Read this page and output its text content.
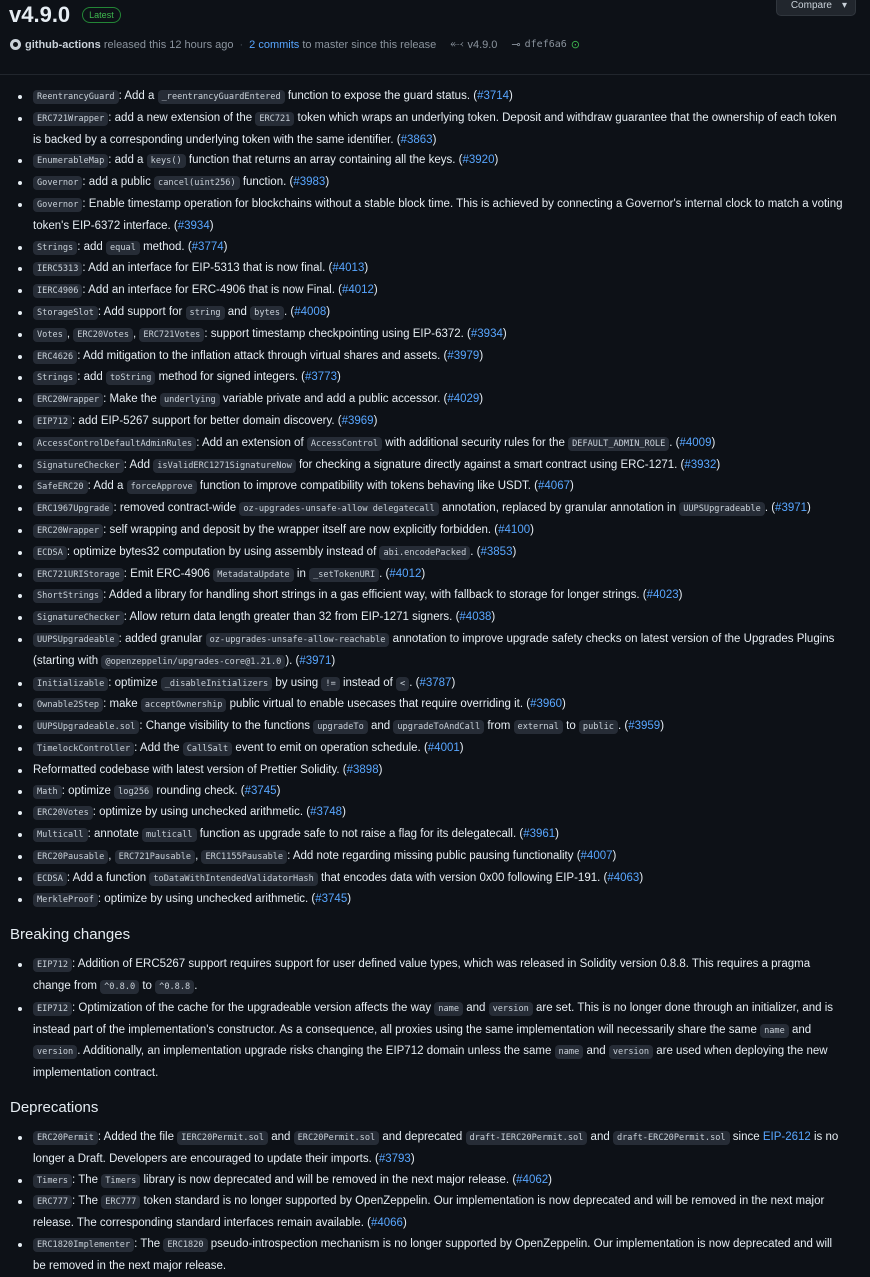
v4.9.0	Latest
Compare ▾
github-actions
released this 12 hours ago · 2 commits
to master since this release ⬷ v4.9.0 ⊸ dfef6a6 ⊙
ReentrancyGuard : Add a _reentrancyGuardEntered function to expose the guard status. (#3714)
ERC721Wrapper : add a new extension of the ERC721 token which wraps an underlying token. Deposit and withdraw guarantee that the ownership of each token is backed by a corresponding underlying token with the same identifier. (#3863)
EnumerableMap : add a keys() function that returns an array containing all the keys. (#3920)
Governor : add a public cancel(uint256) function. (#3983)
Governor : Enable timestamp operation for blockchains without a stable block time. This is achieved by connecting a Governor's internal clock to match a voting token's EIP-6372 interface. (#3934)
Strings : add equal method. (#3774)
IERC5313 : Add an interface for EIP-5313 that is now final. (#4013)
IERC4906 : Add an interface for ERC-4906 that is now Final. (#4012)
StorageSlot : Add support for string and bytes . (#4008)
Votes , ERC20Votes , ERC721Votes : support timestamp checkpointing using EIP-6372. (#3934)
ERC4626 : Add mitigation to the inflation attack through virtual shares and assets. (#3979)
Strings : add toString method for signed integers. (#3773)
ERC20Wrapper : Make the underlying variable private and add a public accessor. (#4029)
EIP712 : add EIP-5267 support for better domain discovery. (#3969)
AccessControlDefaultAdminRules : Add an extension of AccessControl with additional security rules for the DEFAULT_ADMIN_ROLE . (#4009)
SignatureChecker : Add isValidERC1271SignatureNow for checking a signature directly against a smart contract using ERC-1271. (#3932)
SafeERC20 : Add a forceApprove function to improve compatibility with tokens behaving like USDT. (#4067)
ERC1967Upgrade : removed contract-wide oz-upgrades-unsafe-allow delegatecall annotation, replaced by granular annotation in UUPSUpgradeable . (#3971)
ERC20Wrapper : self wrapping and deposit by the wrapper itself are now explicitly forbidden. (#4100)
ECDSA : optimize bytes32 computation by using assembly instead of abi.encodePacked . (#3853)
ERC721URIStorage : Emit ERC-4906 MetadataUpdate in _setTokenURI . (#4012)
ShortStrings : Added a library for handling short strings in a gas efficient way, with fallback to storage for longer strings. (#4023)
SignatureChecker : Allow return data length greater than 32 from EIP-1271 signers. (#4038)
UUPSUpgradeable : added granular oz-upgrades-unsafe-allow-reachable annotation to improve upgrade safety checks on latest version of the Upgrades Plugins (starting with @openzeppelin/upgrades-core@1.21.0 ). (#3971)
Initializable : optimize _disableInitializers by using != instead of < . (#3787)
Ownable2Step : make acceptOwnership public virtual to enable usecases that require overriding it. (#3960)
UUPSUpgradeable.sol : Change visibility to the functions upgradeTo and upgradeToAndCall from external to public . (#3959)
TimelockController : Add the CallSalt event to emit on operation schedule. (#4001)
Reformatted codebase with latest version of Prettier Solidity. (#3898)
Math : optimize log256 rounding check. (#3745)
ERC20Votes : optimize by using unchecked arithmetic. (#3748)
Multicall : annotate multicall function as upgrade safe to not raise a flag for its delegatecall. (#3961)
ERC20Pausable , ERC721Pausable , ERC1155Pausable : Add note regarding missing public pausing functionality (#4007)
ECDSA : Add a function toDataWithIntendedValidatorHash that encodes data with version 0x00 following EIP-191. (#4063)
MerkleProof : optimize by using unchecked arithmetic. (#3745)
Breaking changes
EIP712 : Addition of ERC5267 support requires support for user defined value types, which was released in Solidity version 0.8.8. This requires a pragma change from ^0.8.0 to ^0.8.8 .
EIP712 : Optimization of the cache for the upgradeable version affects the way name and version are set. This is no longer done through an initializer, and is instead part of the implementation's constructor. As a consequence, all proxies using the same implementation will necessarily share the same name and version . Additionally, an implementation upgrade risks changing the EIP712 domain unless the same name and version are used when deploying the new implementation contract.
Deprecations
ERC20Permit : Added the file IERC20Permit.sol and ERC20Permit.sol and deprecated draft-IERC20Permit.sol and draft-ERC20Permit.sol since EIP-2612 is no longer a Draft. Developers are encouraged to update their imports. (#3793)
Timers : The Timers library is now deprecated and will be removed in the next major release. (#4062)
ERC777 : The ERC777 token standard is no longer supported by OpenZeppelin. Our implementation is now deprecated and will be removed in the next major release. The corresponding standard interfaces remain available. (#4066)
ERC1820Implementer : The ERC1820 pseudo-introspection mechanism is no longer supported by OpenZeppelin. Our implementation is now deprecated and will be removed in the next major release.
